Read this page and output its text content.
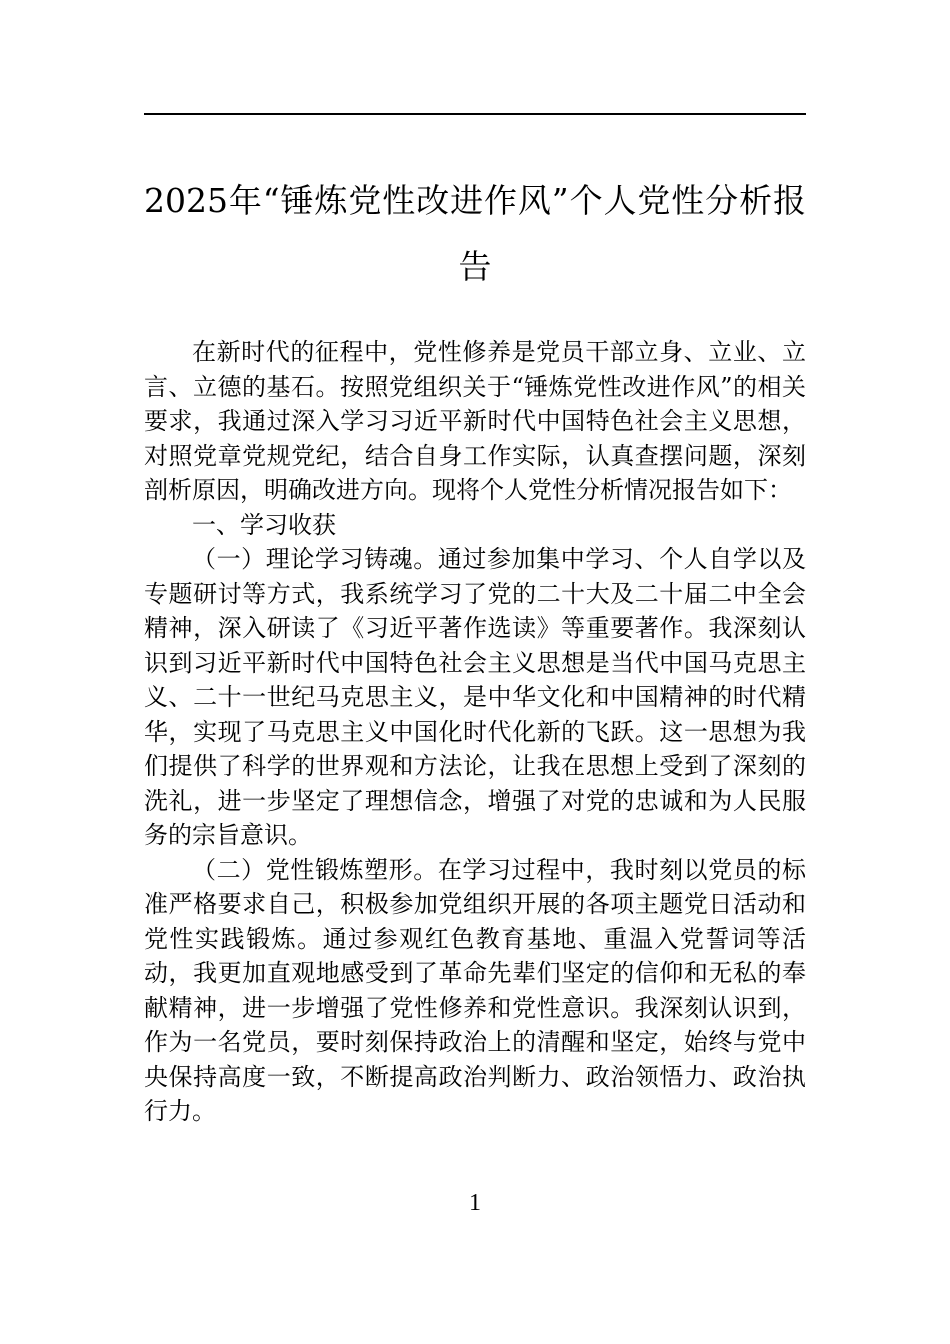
2025年“锤炼党性改进作风”个人党性分析报告

在新时代的征程中，党性修养是党员干部立身、立业、立言、立德的基石。按照党组织关于“锤炼党性改进作风”的相关要求，我通过深入学习习近平新时代中国特色社会主义思想，对照党章党规党纪，结合自身工作实际，认真查摆问题，深刻剖析原因，明确改进方向。现将个人党性分析情况报告如下：

一、学习收获

（一）理论学习铸魂。通过参加集中学习、个人自学以及专题研讨等方式，我系统学习了党的二十大及二十届二中全会精神，深入研读了《习近平著作选读》等重要著作。我深刻认识到习近平新时代中国特色社会主义思想是当代中国马克思主义、二十一世纪马克思主义，是中华文化和中国精神的时代精华，实现了马克思主义中国化时代化新的飞跃。这一思想为我们提供了科学的世界观和方法论，让我在思想上受到了深刻的洗礼，进一步坚定了理想信念，增强了对党的忠诚和为人民服务的宗旨意识。

（二）党性锻炼塑形。在学习过程中，我时刻以党员的标准严格要求自己，积极参加党组织开展的各项主题党日活动和党性实践锻炼。通过参观红色教育基地、重温入党誓词等活动，我更加直观地感受到了革命先辈们坚定的信仰和无私的奉献精神，进一步增强了党性修养和党性意识。我深刻认识到，作为一名党员，要时刻保持政治上的清醒和坚定，始终与党中央保持高度一致，不断提高政治判断力、政治领悟力、政治执行力。

1
